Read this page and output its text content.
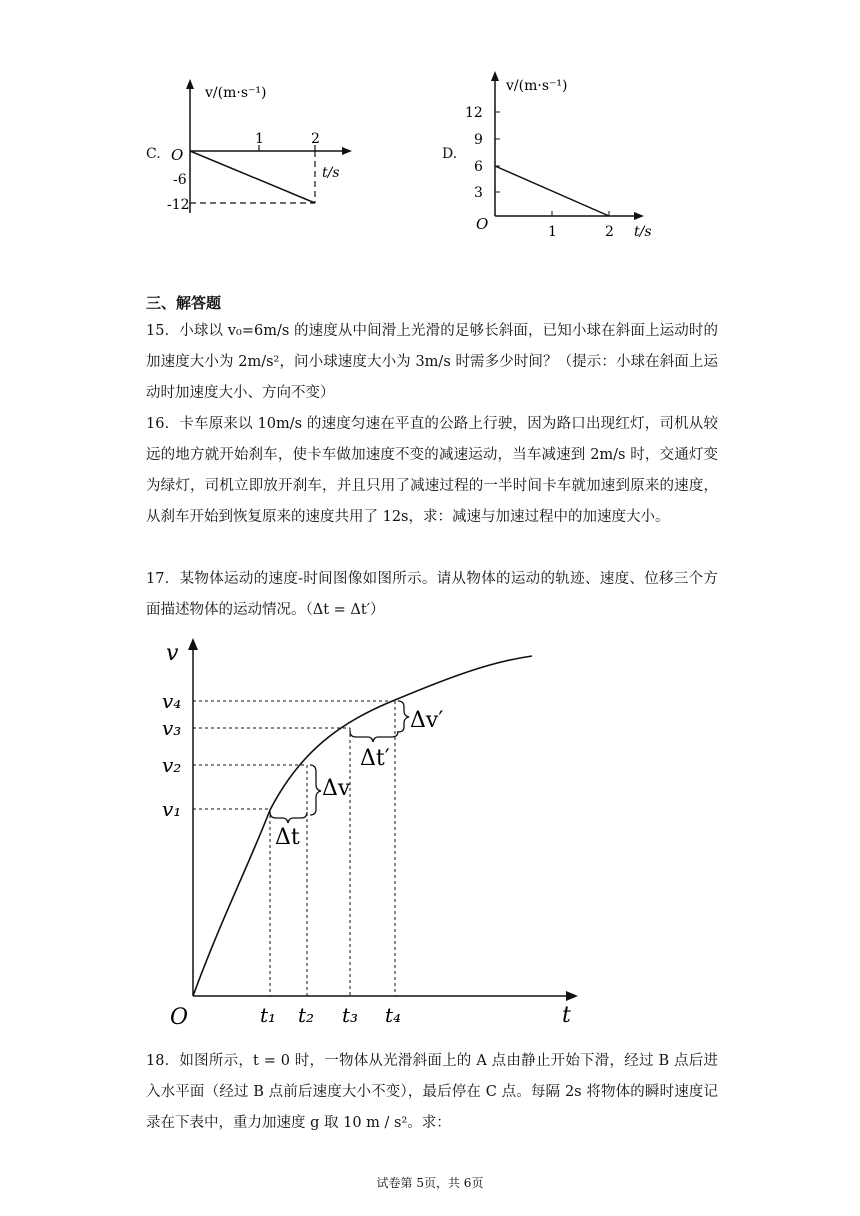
C.
v/(m·s⁻¹)
O
1	2
t/s
-6
-12
D.
v/(m·s⁻¹)
12
9
6
3
O	1	2 t/s
三、解答题
15．小球以 v₀=6m/s 的速度从中间滑上光滑的足够长斜面，已知小球在斜面上运动时的加速度大小为 2m/s²，问小球速度大小为 3m/s 时需多少时间？（提示：小球在斜面上运动时加速度大小、方向不变）
16．卡车原来以 10m/s 的速度匀速在平直的公路上行驶，因为路口出现红灯，司机从较远的地方就开始刹车，使卡车做加速度不变的减速运动，当车减速到 2m/s 时，交通灯变为绿灯，司机立即放开刹车，并且只用了减速过程的一半时间卡车就加速到原来的速度，从刹车开始到恢复原来的速度共用了 12s，求：减速与加速过程中的加速度大小。
17．某物体运动的速度-时间图像如图所示。请从物体的运动的轨迹、速度、位移三个方面描述物体的运动情况。（Δt = Δt′）
v
t
O
v₄
v₃
v₂
v₁
t₁ t₂ t₃ t₄
Δv′
Δt′
Δv
Δt
18．如图所示，t = 0 时，一物体从光滑斜面上的 A 点由静止开始下滑，经过 B 点后进入水平面（经过 B 点前后速度大小不变），最后停在 C 点。每隔 2s 将物体的瞬时速度记录在下表中，重力加速度 g 取 10 m / s²。求：
试卷第 5页，共 6页
